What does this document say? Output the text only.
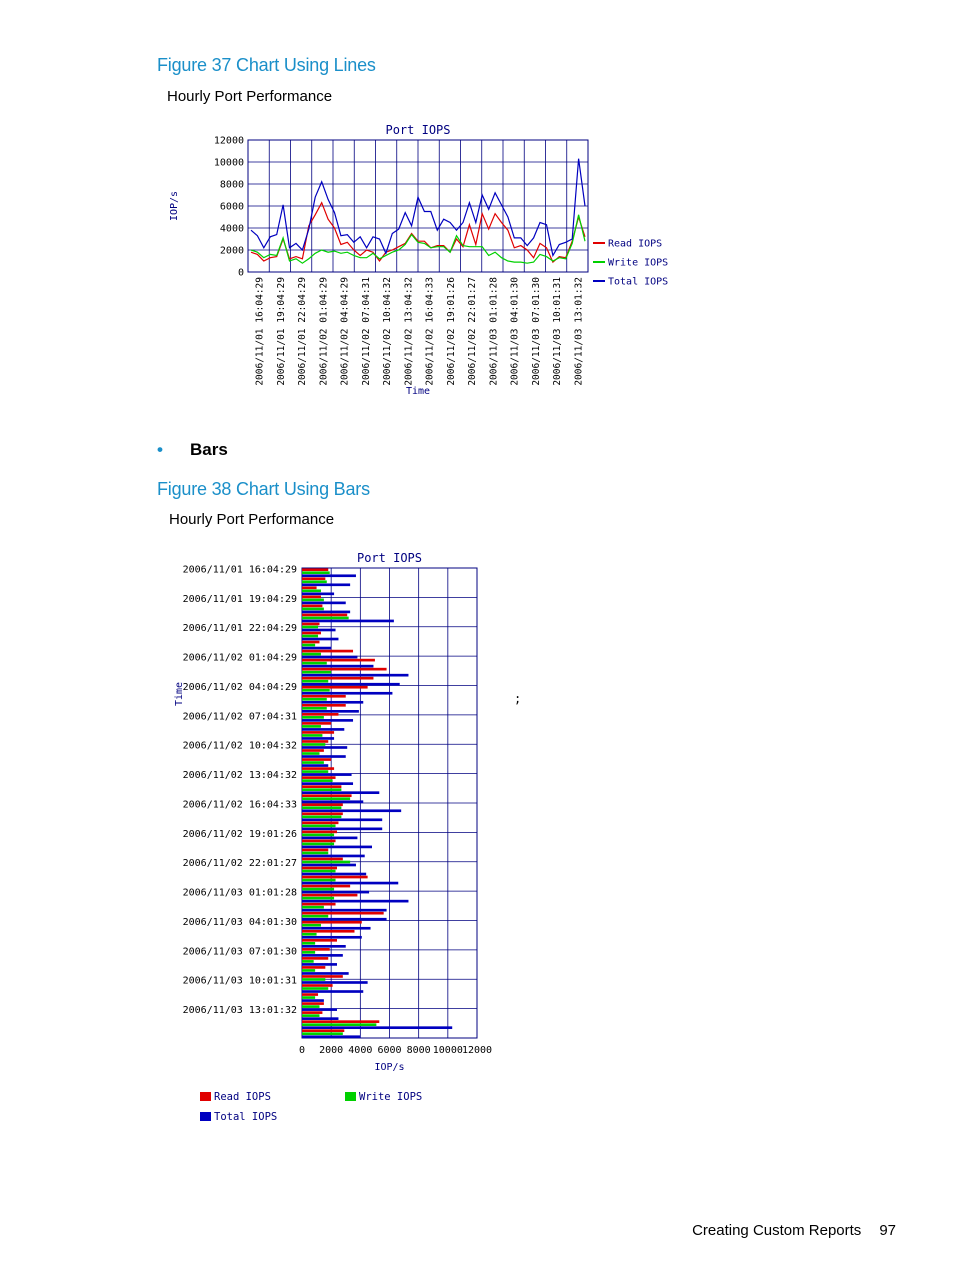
Figure 37 Chart Using Lines
Hourly Port Performance
0
2000
4000
6000
8000
10000
12000
2006/11/01 16:04:29 2006/11/01 19:04:29 2006/11/01 22:04:29 2006/11/02 01:04:29 2006/11/02 04:04:29 2006/11/02 07:04:31 2006/11/02 10:04:32 2006/11/02 13:04:32 2006/11/02 16:04:33 2006/11/02 19:01:26 2006/11/02 22:01:27 2006/11/03 01:01:28 2006/11/03 04:01:30 2006/11/03 07:01:30 2006/11/03 10:01:31 2006/11/03 13:01:32
Port IOPS
Time
IOP/s
Read IOPS
Write IOPS
Total IOPS
• Bars
Figure 38 Chart Using Bars
Hourly Port Performance
0 2000 4000 6000 8000 10000 12000
2006/11/01 16:04:29
2006/11/01 19:04:29
2006/11/01 22:04:29
2006/11/02 01:04:29
2006/11/02 04:04:29
2006/11/02 07:04:31
2006/11/02 10:04:32
2006/11/02 13:04:32
2006/11/02 16:04:33
2006/11/02 19:01:26
2006/11/02 22:01:27
2006/11/03 01:01:28
2006/11/03 04:01:30
2006/11/03 07:01:30
2006/11/03 10:01:31
2006/11/03 13:01:32
Port IOPS
IOP/s
Time
Read IOPS	Write IOPS
Total IOPS
;
Creating Custom Reports 97
